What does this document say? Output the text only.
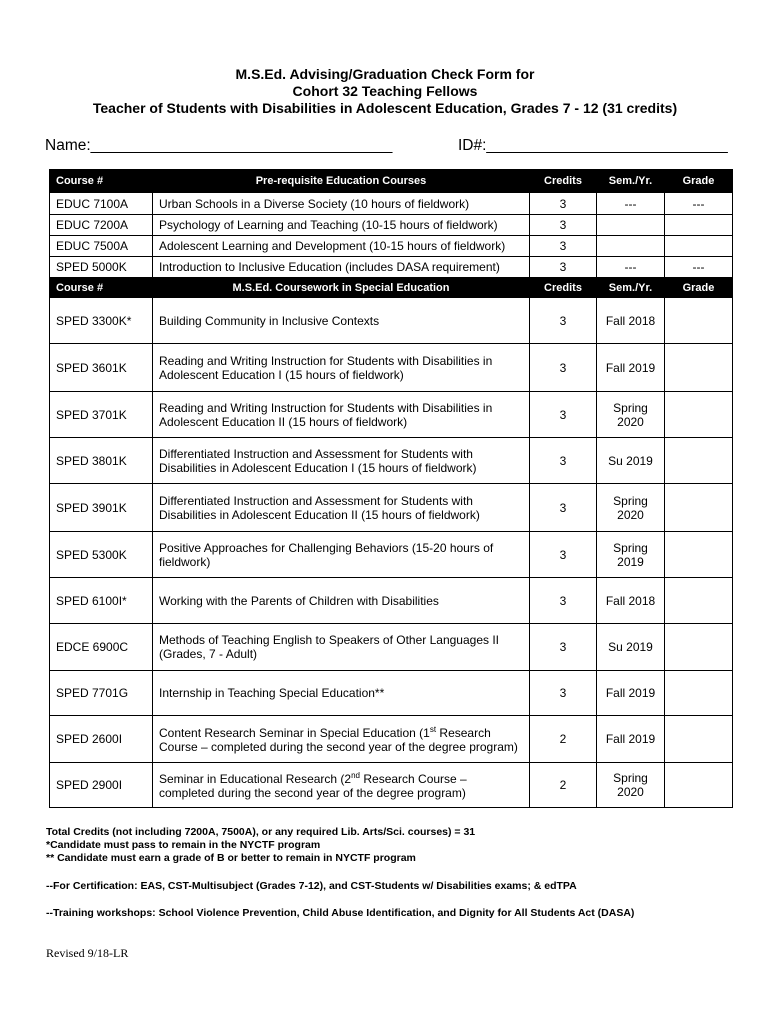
M.S.Ed. Advising/Graduation Check Form for
Cohort 32 Teaching Fellows
Teacher of Students with Disabilities in Adolescent Education, Grades 7 - 12 (31 credits)
Name:___________________________________	ID#:____________________________
Course #	Pre-requisite Education Courses	Credits	Sem./Yr.	Grade
EDUC 7100A	Urban Schools in a Diverse Society (10 hours of fieldwork)	3	---	---
EDUC 7200A	Psychology of Learning and Teaching (10-15 hours of fieldwork)	3		
EDUC 7500A	Adolescent Learning and Development (10-15 hours of fieldwork)	3		
SPED 5000K	Introduction to Inclusive Education (includes DASA requirement)	3	---	---
Course #	M.S.Ed. Coursework in Special Education	Credits	Sem./Yr.	Grade
SPED 3300K*	Building Community in Inclusive Contexts	3	Fall 2018	
SPED 3601K	Reading and Writing Instruction for Students with Disabilities in Adolescent Education I (15 hours of fieldwork)	3	Fall 2019	
SPED 3701K	Reading and Writing Instruction for Students with Disabilities in Adolescent Education II (15 hours of fieldwork)	3	Spring 2020	
SPED 3801K	Differentiated Instruction and Assessment for Students with Disabilities in Adolescent Education I (15 hours of fieldwork)	3	Su 2019	
SPED 3901K	Differentiated Instruction and Assessment for Students with Disabilities in Adolescent Education II (15 hours of fieldwork)	3	Spring 2020	
SPED 5300K	Positive Approaches for Challenging Behaviors (15-20 hours of fieldwork)	3	Spring 2019	
SPED 6100I*	Working with the Parents of Children with Disabilities	3	Fall 2018	
EDCE 6900C	Methods of Teaching English to Speakers of Other Languages II (Grades, 7 - Adult)	3	Su 2019	
SPED 7701G	Internship in Teaching Special Education**	3	Fall 2019	
SPED 2600I	Content Research Seminar in Special Education (1st Research Course – completed during the second year of the degree program)	2	Fall 2019	
SPED 2900I	Seminar in Educational Research (2nd Research Course – completed during the second year of the degree program)	2	Spring 2020	
Total Credits (not including 7200A, 7500A), or any required Lib. Arts/Sci. courses) = 31
*Candidate must pass to remain in the NYCTF program
** Candidate must earn a grade of B or better to remain in NYCTF program
--For Certification: EAS, CST-Multisubject (Grades 7-12), and CST-Students w/ Disabilities exams; & edTPA
--Training workshops: School Violence Prevention, Child Abuse Identification, and Dignity for All Students Act (DASA)
Revised 9/18-LR
